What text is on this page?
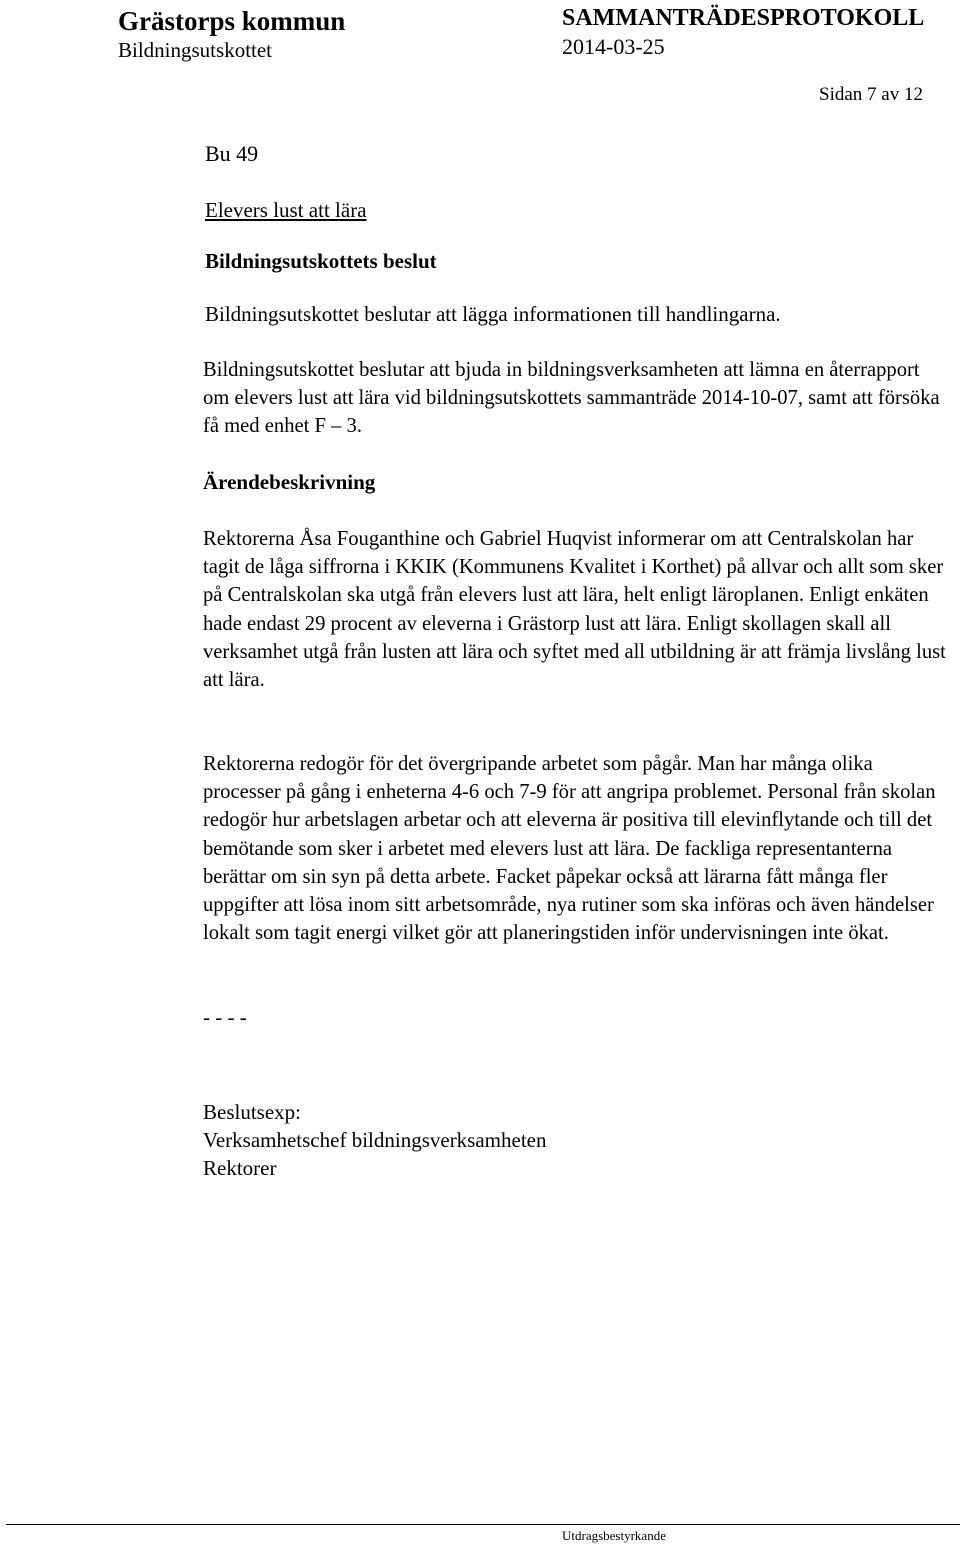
Grästorps kommun
Bildningsutskottet
SAMMANTRÄDESPROTOKOLL
2014-03-25
Sidan 7 av 12
Bu 49
Elevers lust att lära
Bildningsutskottets beslut
Bildningsutskottet beslutar att lägga informationen till handlingarna.
Bildningsutskottet beslutar att bjuda in bildningsverksamheten att lämna en återrapport om elevers lust att lära vid bildningsutskottets sammanträde 2014-10-07, samt att försöka få med enhet F – 3.
Ärendebeskrivning
Rektorerna Åsa Fouganthine och Gabriel Huqvist informerar om att Centralskolan har tagit de låga siffrorna i KKIK (Kommunens Kvalitet i Korthet) på allvar och allt som sker på Centralskolan ska utgå från elevers lust att lära, helt enligt läroplanen. Enligt enkäten hade endast 29 procent av eleverna i Grästorp lust att lära. Enligt skollagen skall all verksamhet utgå från lusten att lära och syftet med all utbildning är att främja livslång lust att lära.
Rektorerna redogör för det övergripande arbetet som pågår. Man har många olika processer på gång i enheterna 4-6 och 7-9 för att angripa problemet. Personal från skolan redogör hur arbetslagen arbetar och att eleverna är positiva till elevinflytande och till det bemötande som sker i arbetet med elevers lust att lära. De fackliga representanterna berättar om sin syn på detta arbete. Facket påpekar också att lärarna fått många fler uppgifter att lösa inom sitt arbetsområde, nya rutiner som ska införas och även händelser lokalt som tagit energi vilket gör att planeringstiden inför undervisningen inte ökat.
- - - -
Beslutsexp:
Verksamhetschef bildningsverksamheten
Rektorer
Utdragsbestyrkande
